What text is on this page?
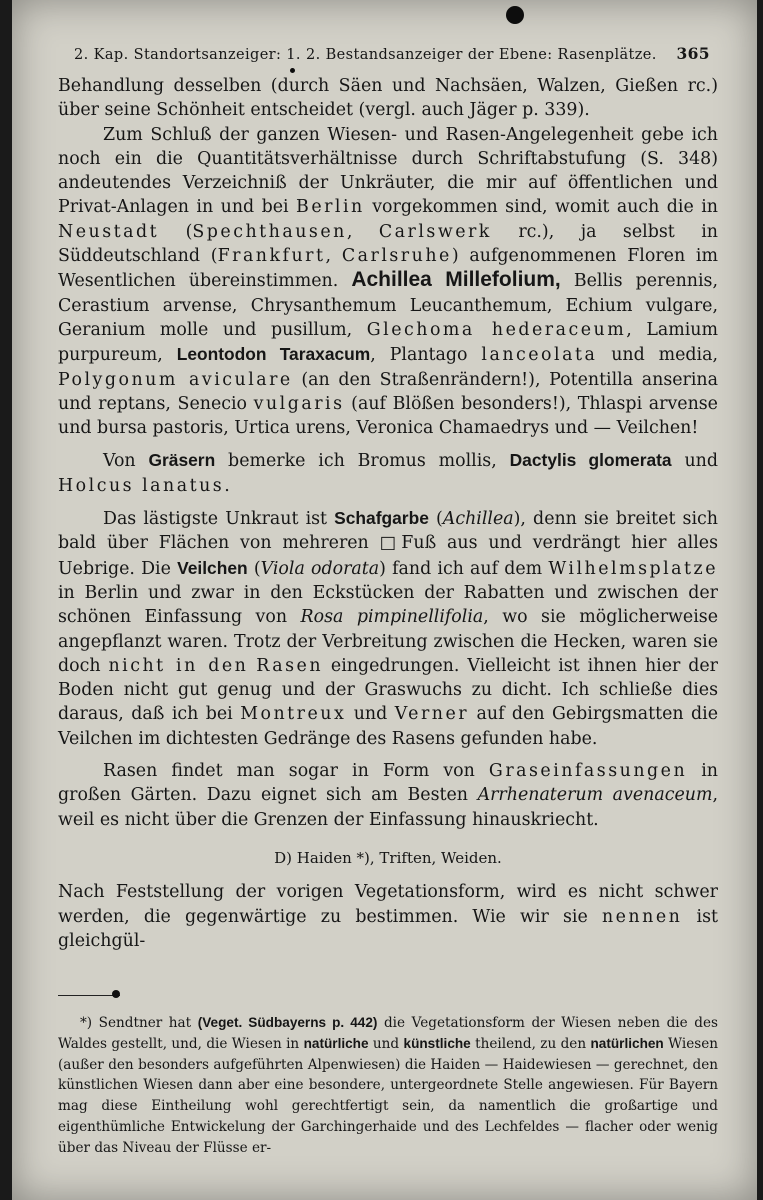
2. Kap. Standortsanzeiger: 1. 2. Bestandsanzeiger der Ebene: Rasenplätze. 365

Behandlung desselben (durch Säen und Nachsäen, Walzen, Gießen rc.) über seine Schönheit entscheidet (vergl. auch Jäger p. 339).

Zum Schluß der ganzen Wiesen- und Rasen-Angelegenheit gebe ich noch ein die Quantitätsverhältnisse durch Schriftabstufung (S. 348) andeutendes Verzeichniß der Unkräuter, die mir auf öffentlichen und Privat-Anlagen in und bei Berlin vorgekommen sind, womit auch die in Neustadt (Spechthausen, Carlswerk rc.), ja selbst in Süddeutschland (Frankfurt, Carlsruhe) aufgenommenen Floren im Wesentlichen übereinstimmen. Achillea Millefolium, Bellis perennis, Cerastium arvense, Chrysanthemum Leucanthemum, Echium vulgare, Geranium molle und pusillum, Glechoma hederaceum, Lamium purpureum, Leontodon Taraxacum, Plantago lanceolata und media, Polygonum aviculare (an den Straßenrändern!), Potentilla anserina und reptans, Senecio vulgaris (auf Blößen besonders!), Thlaspi arvense und bursa pastoris, Urtica urens, Veronica Chamaedrys und — Veilchen!

Von Gräsern bemerke ich Bromus mollis, Dactylis glomerata und Holcus lanatus.

Das lästigste Unkraut ist Schafgarbe (Achillea), denn sie breitet sich bald über Flächen von mehreren □Fuß aus und verdrängt hier alles Uebrige. Die Veilchen (Viola odorata) fand ich auf dem Wilhelmsplatze in Berlin und zwar in den Eckstücken der Rabatten und zwischen der schönen Einfassung von Rosa pimpinellifolia, wo sie möglicherweise angepflanzt waren. Trotz der Verbreitung zwischen die Hecken, waren sie doch nicht in den Rasen eingedrungen. Vielleicht ist ihnen hier der Boden nicht gut genug und der Graswuchs zu dicht. Ich schließe dies daraus, daß ich bei Montreux und Verner auf den Gebirgsmatten die Veilchen im dichtesten Gedränge des Rasens gefunden habe.

Rasen findet man sogar in Form von Graseinfassungen in großen Gärten. Dazu eignet sich am Besten Arrhenaterum avenaceum, weil es nicht über die Grenzen der Einfassung hinauskriecht.

D) Haiden *), Triften, Weiden.

Nach Feststellung der vorigen Vegetationsform, wird es nicht schwer werden, die gegenwärtige zu bestimmen. Wie wir sie nennen ist gleichgül-

*) Sendtner hat (Veget. Südbayerns p. 442) die Vegetationsform der Wiesen neben die des Waldes gestellt, und, die Wiesen in natürliche und künstliche theilend, zu den natürlichen Wiesen (außer den besonders aufgeführten Alpenwiesen) die Haiden — Haidewiesen — gerechnet, den künstlichen Wiesen dann aber eine besondere, untergeordnete Stelle angewiesen. Für Bayern mag diese Eintheilung wohl gerechtfertigt sein, da namentlich die großartige und eigenthümliche Entwickelung der Garchingerhaide und des Lechfeldes — flacher oder wenig über das Niveau der Flüsse er-
